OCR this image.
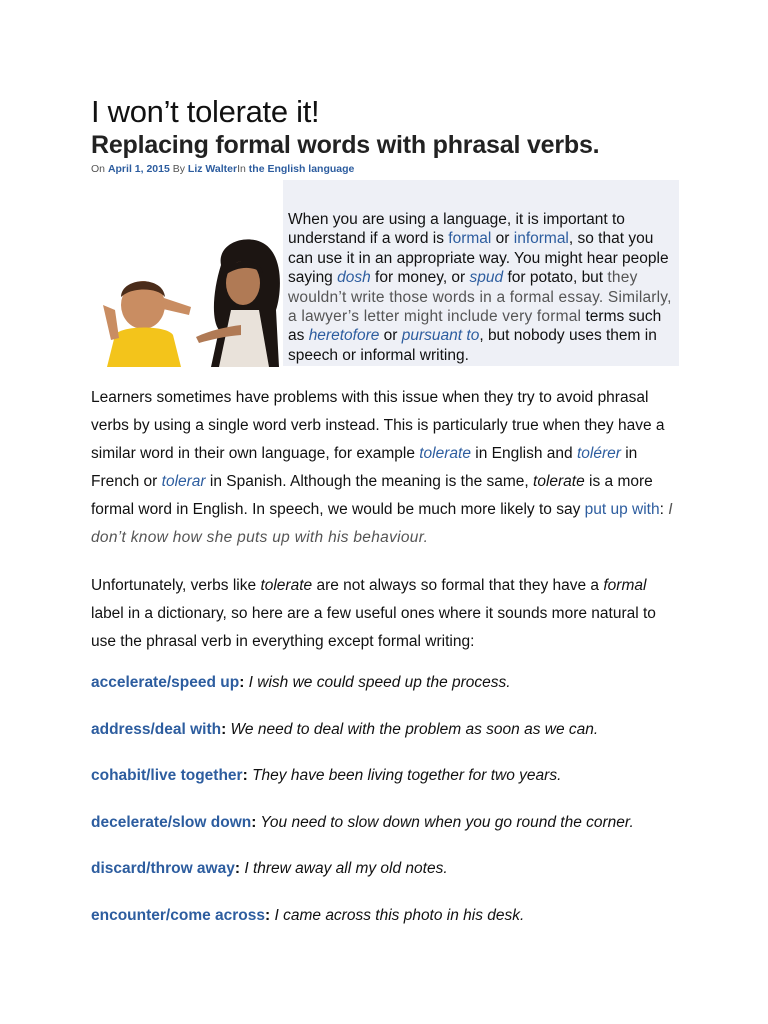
I won’t tolerate it!
Replacing formal words with phrasal verbs.
On April 1, 2015 By Liz WalterIn the English language
When you are using a language, it is important to understand if a word is formal or informal, so that you can use it in an appropriate way. You might hear people saying dosh for money, or spud for potato, but they wouldn’t write those words in a formal essay. Similarly, a lawyer’s letter might include very formal terms such as heretofore or pursuant to, but nobody uses them in speech or informal writing.

Learners sometimes have problems with this issue when they try to avoid phrasal verbs by using a single word verb instead. This is particularly true when they have a similar word in their own language, for example tolerate in English and tolérer in French or tolerar in Spanish. Although the meaning is the same, tolerate is a more formal word in English. In speech, we would be much more likely to say put up with: I don’t know how she puts up with his behaviour.

Unfortunately, verbs like tolerate are not always so formal that they have a formal label in a dictionary, so here are a few useful ones where it sounds more natural to use the phrasal verb in everything except formal writing:

accelerate/speed up: I wish we could speed up the process.
address/deal with: We need to deal with the problem as soon as we can.
cohabit/live together: They have been living together for two years.
decelerate/slow down: You need to slow down when you go round the corner.
discard/throw away: I threw away all my old notes.
encounter/come across: I came across this photo in his desk.
